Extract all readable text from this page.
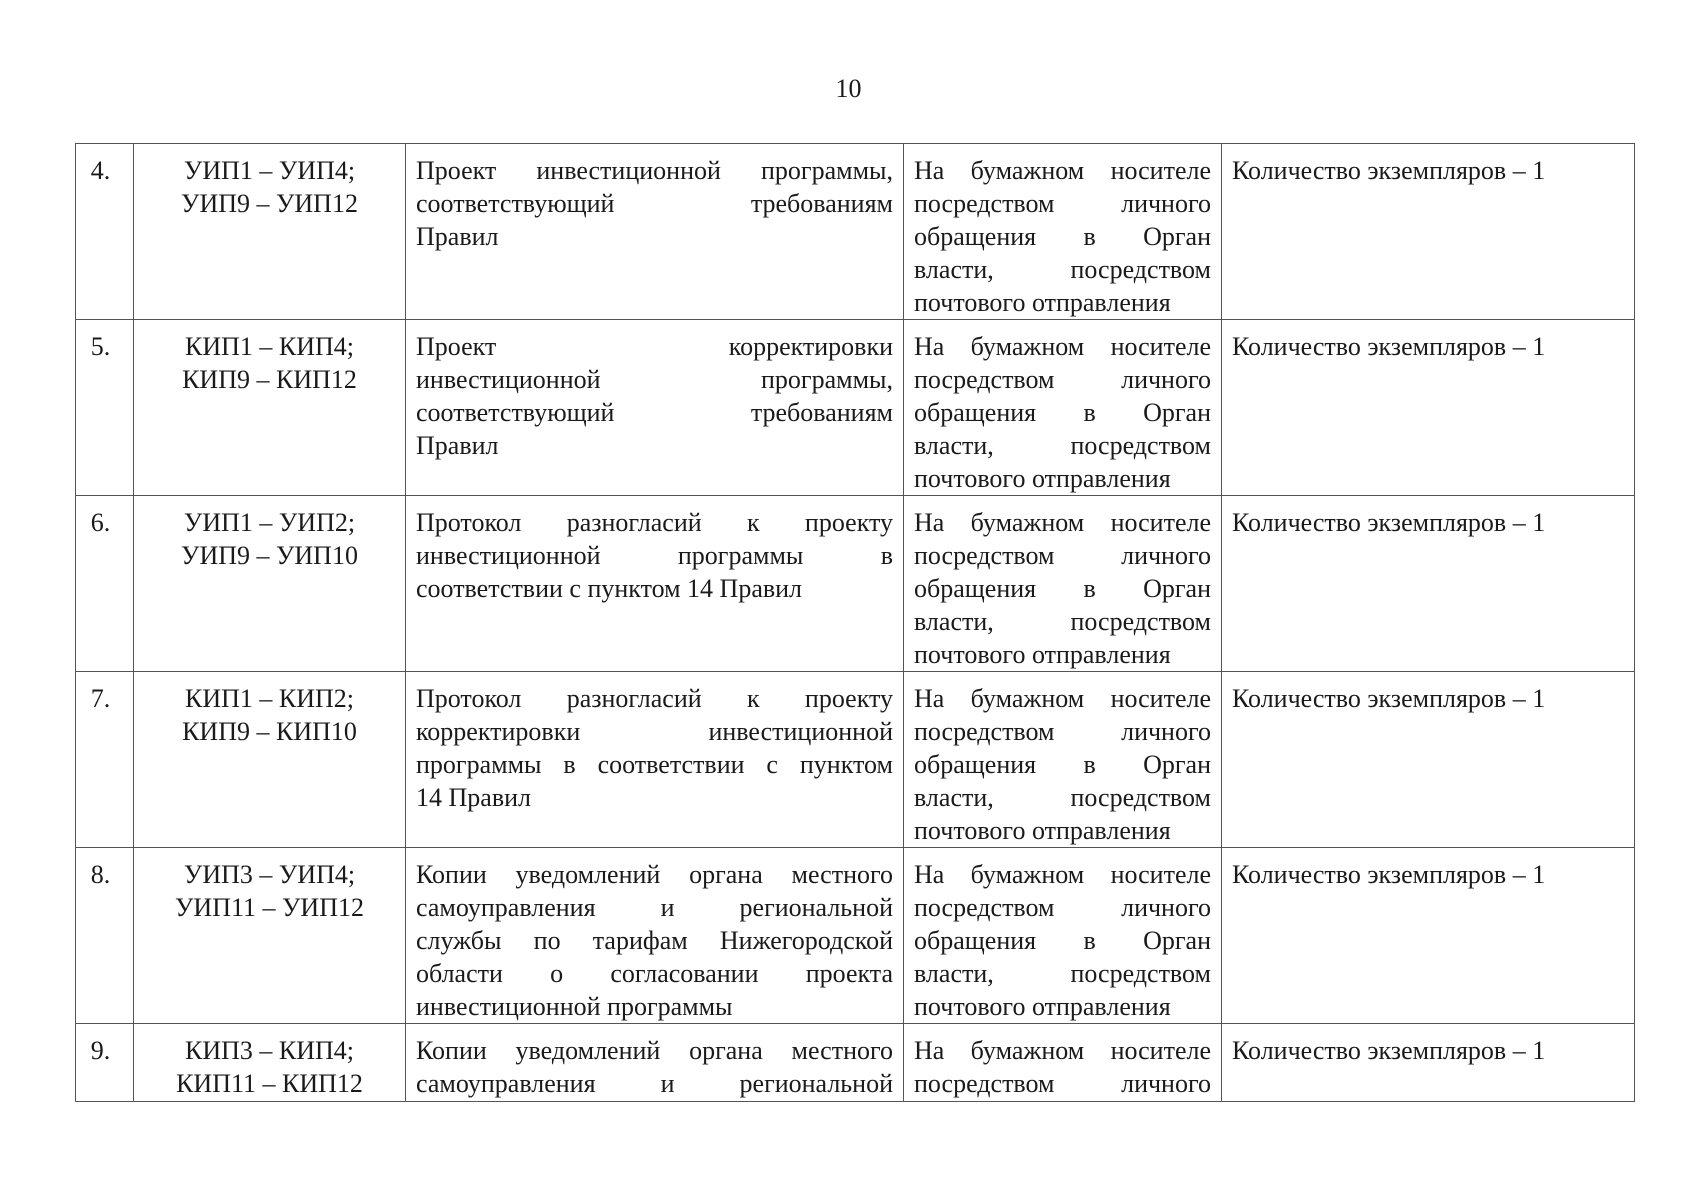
10
4.	УИП1 – УИП4;
УИП9 – УИП12	Проект инвестиционной программы,
соответствующий требованиям
Правил	На бумажном носителе
посредством личного
обращения в Орган
власти, посредством
почтового отправления	Количество экземпляров – 1
5.	КИП1 – КИП4;
КИП9 – КИП12	Проект корректировки
инвестиционной программы,
соответствующий требованиям
Правил	На бумажном носителе
посредством личного
обращения в Орган
власти, посредством
почтового отправления	Количество экземпляров – 1
6.	УИП1 – УИП2;
УИП9 – УИП10	Протокол разногласий к проекту
инвестиционной программы в
соответствии с пунктом 14 Правил	На бумажном носителе
посредством личного
обращения в Орган
власти, посредством
почтового отправления	Количество экземпляров – 1
7.	КИП1 – КИП2;
КИП9 – КИП10	Протокол разногласий к проекту
корректировки инвестиционной
программы в соответствии с пунктом
14 Правил	На бумажном носителе
посредством личного
обращения в Орган
власти, посредством
почтового отправления	Количество экземпляров – 1
8.	УИП3 – УИП4;
УИП11 – УИП12	Копии уведомлений органа местного
самоуправления и региональной
службы по тарифам Нижегородской
области о согласовании проекта
инвестиционной программы	На бумажном носителе
посредством личного
обращения в Орган
власти, посредством
почтового отправления	Количество экземпляров – 1
9.	КИП3 – КИП4;
КИП11 – КИП12	Копии уведомлений органа местного
самоуправления и региональной	На бумажном носителе
посредством личного	Количество экземпляров – 1
